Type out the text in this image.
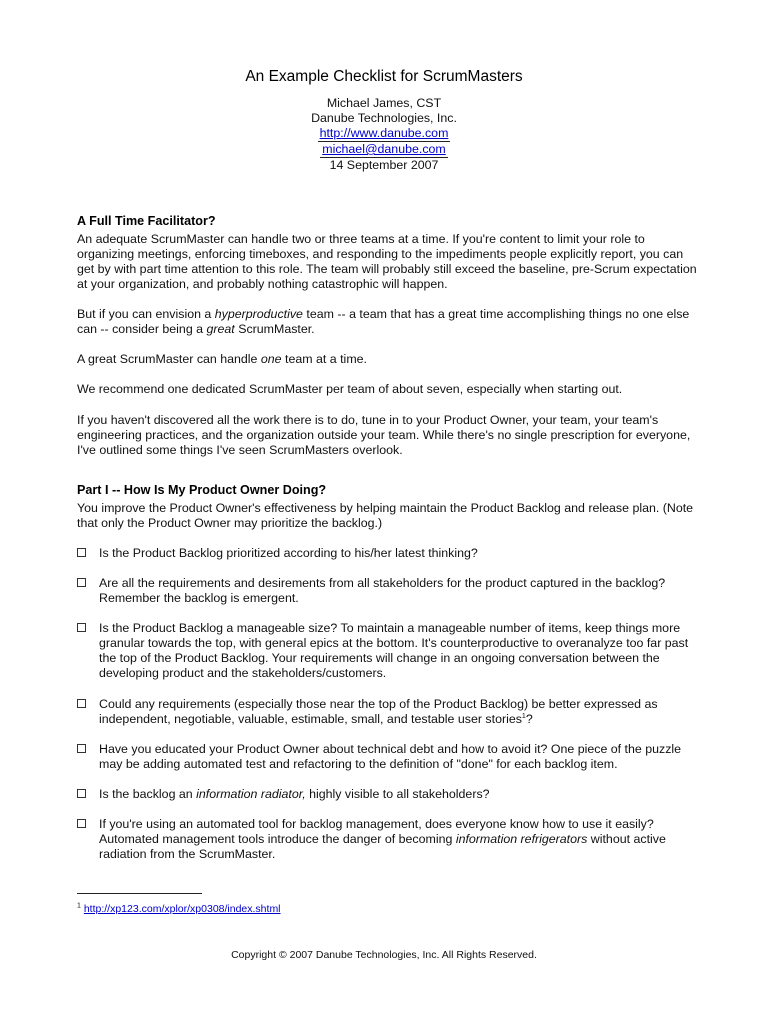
An Example Checklist for ScrumMasters
Michael James, CST
Danube Technologies, Inc.
http://www.danube.com
michael@danube.com
14 September 2007
A Full Time Facilitator?

An adequate ScrumMaster can handle two or three teams at a time. If you're content to limit your role to organizing meetings, enforcing timeboxes, and responding to the impediments people explicitly report, you can get by with part time attention to this role. The team will probably still exceed the baseline, pre-Scrum expectation at your organization, and probably nothing catastrophic will happen.

But if you can envision a hyperproductive team -- a team that has a great time accomplishing things no one else can -- consider being a great ScrumMaster.

A great ScrumMaster can handle one team at a time.

We recommend one dedicated ScrumMaster per team of about seven, especially when starting out.

If you haven't discovered all the work there is to do, tune in to your Product Owner, your team, your team's engineering practices, and the organization outside your team. While there's no single prescription for everyone, I've outlined some things I've seen ScrumMasters overlook.

Part I -- How Is My Product Owner Doing?

You improve the Product Owner's effectiveness by helping maintain the Product Backlog and release plan. (Note that only the Product Owner may prioritize the backlog.)

Is the Product Backlog prioritized according to his/her latest thinking?
Are all the requirements and desirements from all stakeholders for the product captured in the backlog? Remember the backlog is emergent.
Is the Product Backlog a manageable size? To maintain a manageable number of items, keep things more granular towards the top, with general epics at the bottom. It's counterproductive to overanalyze too far past the top of the Product Backlog. Your requirements will change in an ongoing conversation between the developing product and the stakeholders/customers.
Could any requirements (especially those near the top of the Product Backlog) be better expressed as independent, negotiable, valuable, estimable, small, and testable user stories$^1$?
Have you educated your Product Owner about technical debt and how to avoid it? One piece of the puzzle may be adding automated test and refactoring to the definition of "done" for each backlog item.
Is the backlog an information radiator, highly visible to all stakeholders?
If you're using an automated tool for backlog management, does everyone know how to use it easily? Automated management tools introduce the danger of becoming information refrigerators without active radiation from the ScrumMaster.
$^1$ http://xp123.com/xplor/xp0308/index.shtml
Copyright © 2007 Danube Technologies, Inc. All Rights Reserved.
